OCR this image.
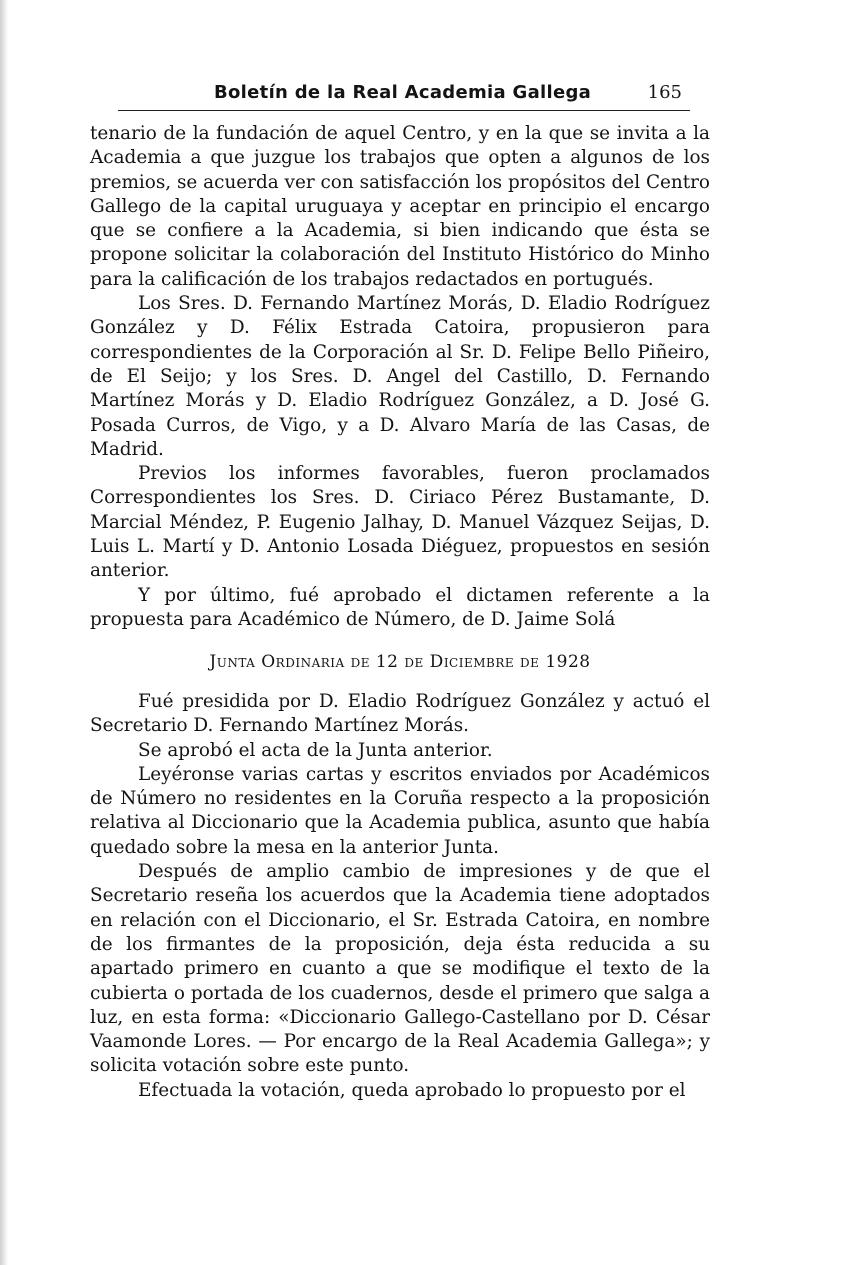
Boletín de la Real Academia Gallega	165

tenario de la fundación de aquel Centro, y en la que se invita a la Academia a que juzgue los trabajos que opten a algunos de los premios, se acuerda ver con satisfacción los propósitos del Centro Gallego de la capital uruguaya y aceptar en principio el encargo que se confiere a la Academia, si bien indicando que ésta se propone solicitar la colaboración del Instituto Histórico do Minho para la calificación de los trabajos redactados en portugués.

Los Sres. D. Fernando Martínez Morás, D. Eladio Rodríguez González y D. Félix Estrada Catoira, propusieron para correspondientes de la Corporación al Sr. D. Felipe Bello Piñeiro, de El Seijo; y los Sres. D. Angel del Castillo, D. Fernando Martínez Morás y D. Eladio Rodríguez González, a D. José G. Posada Curros, de Vigo, y a D. Alvaro María de las Casas, de Madrid.

Previos los informes favorables, fueron proclamados Correspondientes los Sres. D. Ciriaco Pérez Bustamante, D. Marcial Méndez, P. Eugenio Jalhay, D. Manuel Vázquez Seijas, D. Luis L. Martí y D. Antonio Losada Diéguez, propuestos en sesión anterior.

Y por último, fué aprobado el dictamen referente a la propuesta para Académico de Número, de D. Jaime Solá

Junta Ordinaria de 12 de Diciembre de 1928

Fué presidida por D. Eladio Rodríguez González y actuó el Secretario D. Fernando Martínez Morás.

Se aprobó el acta de la Junta anterior.

Leyéronse varias cartas y escritos enviados por Académicos de Número no residentes en la Coruña respecto a la proposición relativa al Diccionario que la Academia publica, asunto que había quedado sobre la mesa en la anterior Junta.

Después de amplio cambio de impresiones y de que el Secretario reseña los acuerdos que la Academia tiene adoptados en relación con el Diccionario, el Sr. Estrada Catoira, en nombre de los firmantes de la proposición, deja ésta reducida a su apartado primero en cuanto a que se modifique el texto de la cubierta o portada de los cuadernos, desde el primero que salga a luz, en esta forma: «Diccionario Gallego-Castellano por D. César Vaamonde Lores. — Por encargo de la Real Academia Gallega»; y solicita votación sobre este punto.

Efectuada la votación, queda aprobado lo propuesto por el
